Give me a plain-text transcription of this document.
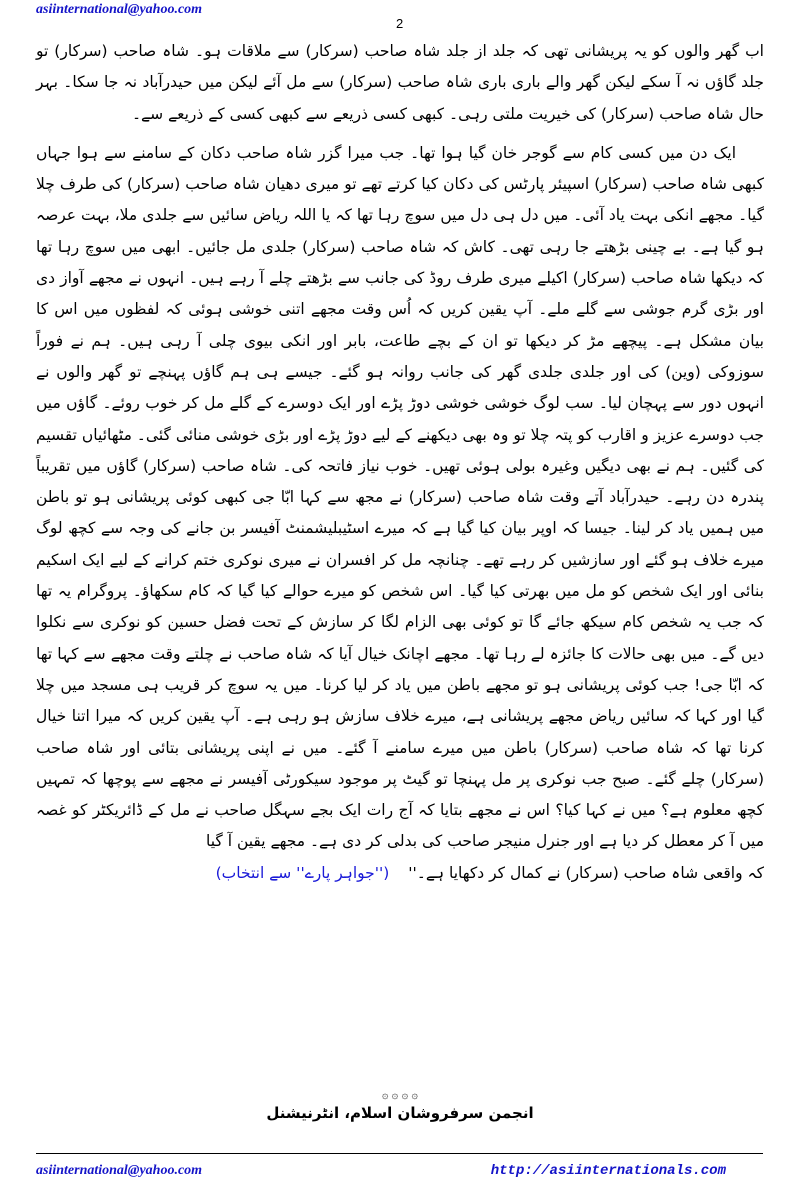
asiinternational@yahoo.com
2

اب گھر والوں کو یہ پریشانی تھی کہ جلد از جلد شاہ صاحب (سرکار) سے ملاقات ہو۔ شاہ صاحب (سرکار) تو جلد گاؤں نہ آ سکے لیکن گھر والے باری باری شاہ صاحب (سرکار) سے مل آئے لیکن میں حیدرآباد نہ جا سکا۔ بہر حال شاہ صاحب (سرکار) کی خیریت ملتی رہی۔ کبھی کسی ذریعے سے کبھی کسی کے ذریعے سے۔

ایک دن میں کسی کام سے گوجر خان گیا ہوا تھا۔ جب میرا گزر شاہ صاحب دکان کے سامنے سے ہوا جہاں کبھی شاہ صاحب (سرکار) اسپیئر پارٹس کی دکان کیا کرتے تھے تو میری دھیان شاہ صاحب (سرکار) کی طرف چلا گیا۔ مجھے انکی بہت یاد آئی۔ میں دل ہی دل میں سوچ رہا تھا کہ یا اللہ ریاض سائیں سے جلدی ملا، بہت عرصہ ہو گیا ہے۔ بے چینی بڑھتے جا رہی تھی۔ کاش کہ شاہ صاحب (سرکار) جلدی مل جائیں۔ ابھی میں سوچ رہا تھا کہ دیکھا شاہ صاحب (سرکار) اکیلے میری طرف روڈ کی جانب سے بڑھتے چلے آ رہے ہیں۔ انہوں نے مجھے آواز دی اور بڑی گرم جوشی سے گلے ملے۔ آپ یقین کریں کہ اُس وقت مجھے اتنی خوشی ہوئی کہ لفظوں میں اس کا بیان مشکل ہے۔ پیچھے مڑ کر دیکھا تو ان کے بچے طاعت، بابر اور انکی بیوی چلی آ رہی ہیں۔ ہم نے فوراً سوزوکی (وین) کی اور جلدی جلدی گھر کی جانب روانہ ہو گئے۔ جیسے ہی ہم گاؤں پہنچے تو گھر والوں نے انہوں دور سے پہچان لیا۔ سب لوگ خوشی خوشی دوڑ پڑے اور ایک دوسرے کے گلے مل کر خوب روئے۔ گاؤں میں جب دوسرے عزیز و اقارب کو پتہ چلا تو وہ بھی دیکھنے کے لیے دوڑ پڑے اور بڑی خوشی منائی گئی۔ مٹھائیاں تقسیم کی گئیں۔ ہم نے بھی دیگیں وغیرہ بولی ہوئی تھیں۔ خوب نیاز فاتحہ کی۔ شاہ صاحب (سرکار) گاؤں میں تقریباً پندرہ دن رہے۔ حیدرآباد آتے وقت شاہ صاحب (سرکار) نے مجھ سے کہا ابّا جی کبھی کوئی پریشانی ہو تو باطن میں ہمیں یاد کر لینا۔ جیسا کہ اوپر بیان کیا گیا ہے کہ میرے اسٹیبلیشمنٹ آفیسر بن جانے کی وجہ سے کچھ لوگ میرے خلاف ہو گئے اور سازشیں کر رہے تھے۔ چنانچہ مل کر افسران نے میری نوکری ختم کرانے کے لیے ایک اسکیم بنائی اور ایک شخص کو مل میں بھرتی کیا گیا۔ اس شخص کو میرے حوالے کیا گیا کہ کام سکھاؤ۔ پروگرام یہ تھا کہ جب یہ شخص کام سیکھ جائے گا تو کوئی بھی الزام لگا کر سازش کے تحت فضل حسین کو نوکری سے نکلوا دیں گے۔ میں بھی حالات کا جائزہ لے رہا تھا۔ مجھے اچانک خیال آیا کہ شاہ صاحب نے چلتے وقت مجھے سے کہا تھا کہ ابّا جی! جب کوئی پریشانی ہو تو مجھے باطن میں یاد کر لیا کرنا۔ میں یہ سوچ کر قریب ہی مسجد میں چلا گیا اور کہا کہ سائیں ریاض مجھے پریشانی ہے، میرے خلاف سازش ہو رہی ہے۔ آپ یقین کریں کہ میرا اتنا خیال کرنا تھا کہ شاہ صاحب (سرکار) باطن میں میرے سامنے آ گئے۔ میں نے اپنی پریشانی بتائی اور شاہ صاحب (سرکار) چلے گئے۔ صبح جب نوکری پر مل پہنچا تو گیٹ پر موجود سیکورٹی آفیسر نے مجھے سے پوچھا کہ تمہیں کچھ معلوم ہے؟ میں نے کہا کیا؟ اس نے مجھے بتایا کہ آج رات ایک بجے سہگل صاحب نے مل کے ڈائریکٹر کو غصہ میں آ کر معطل کر دیا ہے اور جنرل منیجر صاحب کی بدلی کر دی ہے۔ مجھے یقین آ گیا

کہ واقعی شاہ صاحب (سرکار) نے کمال کر دکھایا ہے۔'' (''جواہر پارے'' سے انتخاب)

۞ ۞ ۞ ۞
انجمن سرفروشان اسلام، انٹرنیشنل
asiinternational@yahoo.com	http://asiinternationals.com
